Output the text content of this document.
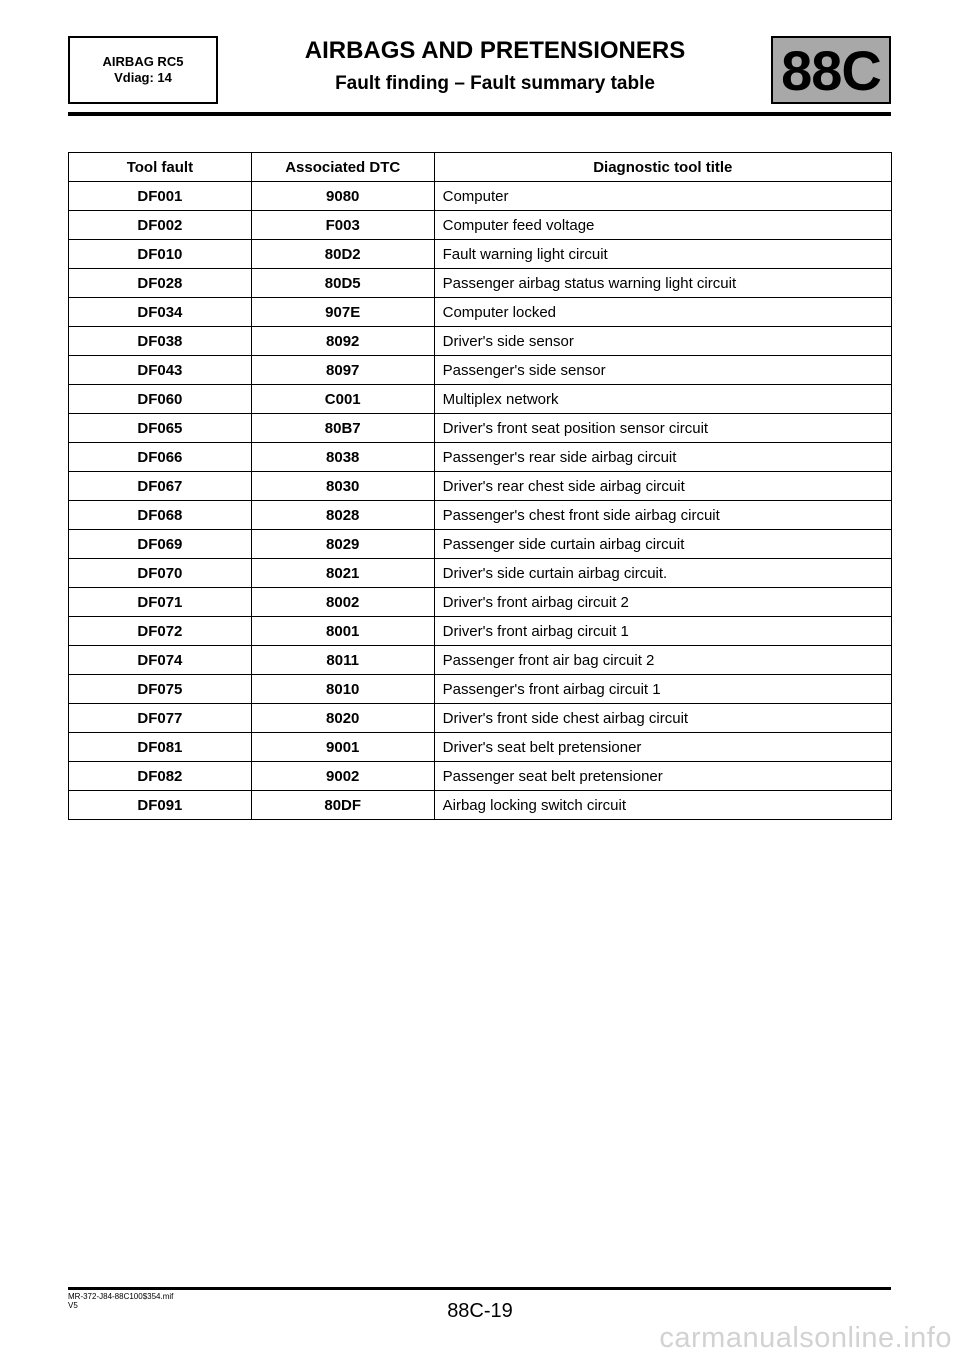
AIRBAG RC5
Vdiag: 14
AIRBAGS AND PRETENSIONERS
Fault finding – Fault summary table	88C
Tool fault	Associated DTC	Diagnostic tool title
DF001	9080	Computer
DF002	F003	Computer feed voltage
DF010	80D2	Fault warning light circuit
DF028	80D5	Passenger airbag status warning light circuit
DF034	907E	Computer locked
DF038	8092	Driver's side sensor
DF043	8097	Passenger's side sensor
DF060	C001	Multiplex network
DF065	80B7	Driver's front seat position sensor circuit
DF066	8038	Passenger's rear side airbag circuit
DF067	8030	Driver's rear chest side airbag circuit
DF068	8028	Passenger's chest front side airbag circuit
DF069	8029	Passenger side curtain airbag circuit
DF070	8021	Driver's side curtain airbag circuit.
DF071	8002	Driver's front airbag circuit 2
DF072	8001	Driver's front airbag circuit 1
DF074	8011	Passenger front air bag circuit 2
DF075	8010	Passenger's front airbag circuit 1
DF077	8020	Driver's front side chest airbag circuit
DF081	9001	Driver's seat belt pretensioner
DF082	9002	Passenger seat belt pretensioner
DF091	80DF	Airbag locking switch circuit
MR-372-J84-88C100$354.mif
V5	88C-19
carmanualsonline.info
